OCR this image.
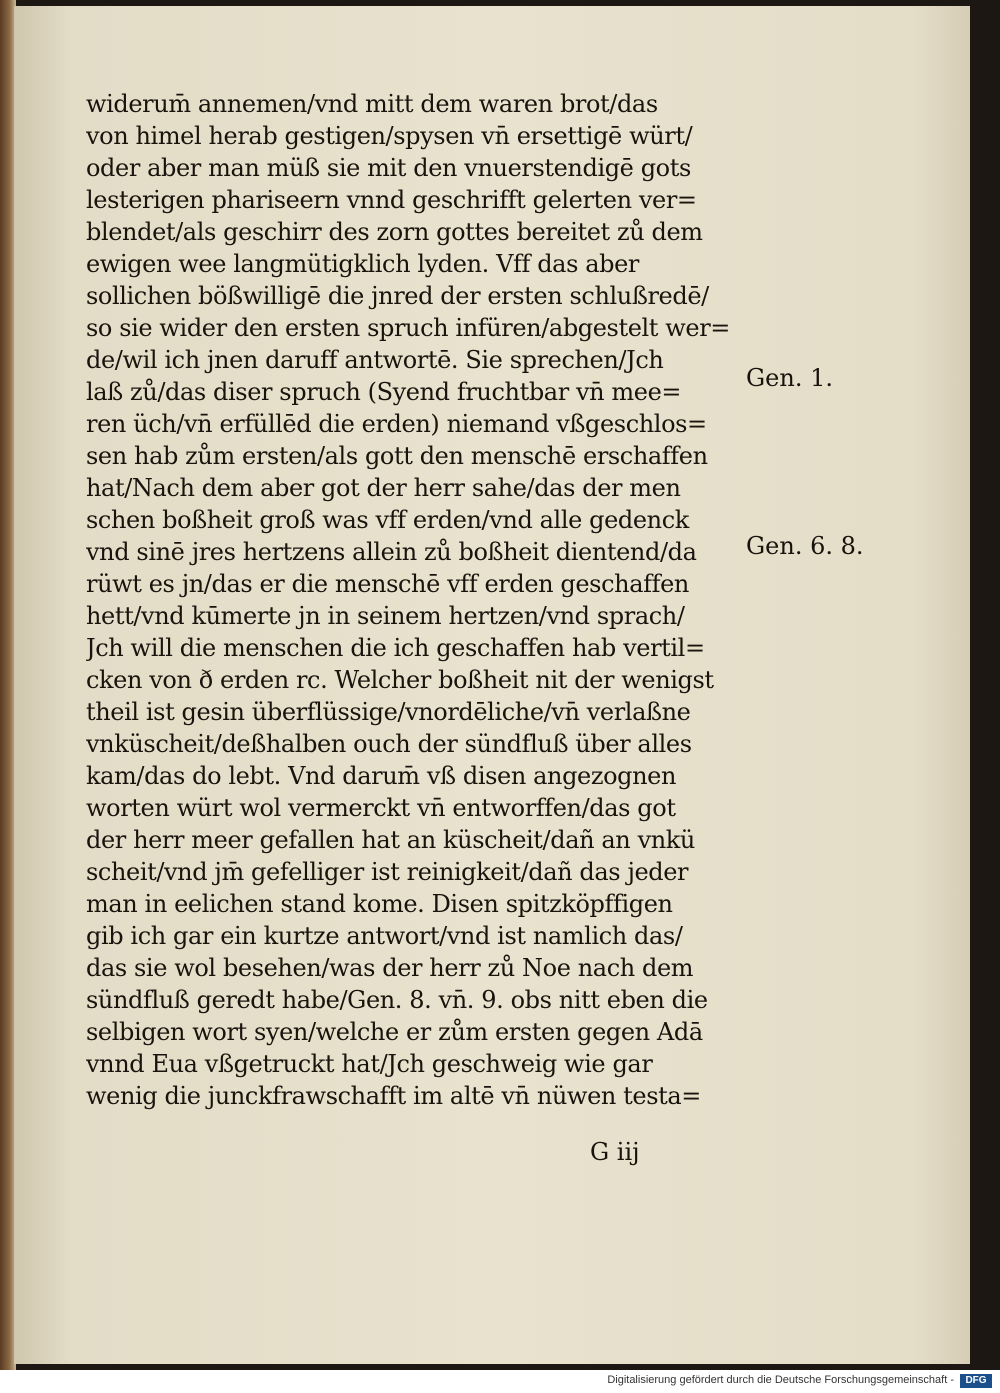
widerum̄ annemen/vnd mitt dem waren brot/das
von himel herab gestigen/spysen vn̄ ersettigē würt/
oder aber man müß sie mit den vnuerstendigē gots
lesterigen phariseern vnnd geschrifft gelerten ver=
blendet/als geschirr des zorn gottes bereitet zů dem
ewigen wee langmütigklich lyden. Vff das aber
sollichen bößwilligē die jnred der ersten schlußredē/
so sie wider den ersten spruch infüren/abgestelt wer=
de/wil ich jnen daruff antwortē. Sie sprechen/Jch
laß zů/das diser spruch (Syend fruchtbar vn̄ mee=
ren üch/vn̄ erfüllēd die erden) niemand vßgeschlos=
sen hab zům ersten/als gott den menschē erschaffen
hat/Nach dem aber got der herr sahe/das der men
schen boßheit groß was vff erden/vnd alle gedenck
vnd sinē jres hertzens allein zů boßheit dientend/da
rüwt es jn/das er die menschē vff erden geschaffen
hett/vnd kūmerte jn in seinem hertzen/vnd sprach/
Jch will die menschen die ich geschaffen hab vertil=
cken von ð erden rc. Welcher boßheit nit der wenigst
theil ist gesin überflüssige/vnordēliche/vn̄ verlaßne
vnküscheit/deßhalben ouch der sündfluß über alles
kam/das do lebt. Vnd darum̄ vß disen angezognen
worten würt wol vermerckt vn̄ entworffen/das got
der herr meer gefallen hat an küscheit/dañ an vnkü
scheit/vnd jm̄ gefelliger ist reinigkeit/dañ das jeder
man in eelichen stand kome. Disen spitzköpffigen
gib ich gar ein kurtze antwort/vnd ist namlich das/
das sie wol besehen/was der herr zů Noe nach dem
sündfluß geredt habe/Gen. 8. vn̄. 9. obs nitt eben die
selbigen wort syen/welche er zům ersten gegen Adā
vnnd Eua vßgetruckt hat/Jch geschweig wie gar
wenig die junckfrawschafft im altē vn̄ nüwen testa=
G iij
Gen. 1.
Gen. 6. 8.
Digitalisierung gefördert durch die Deutsche Forschungsgemeinschaft -	DFG
